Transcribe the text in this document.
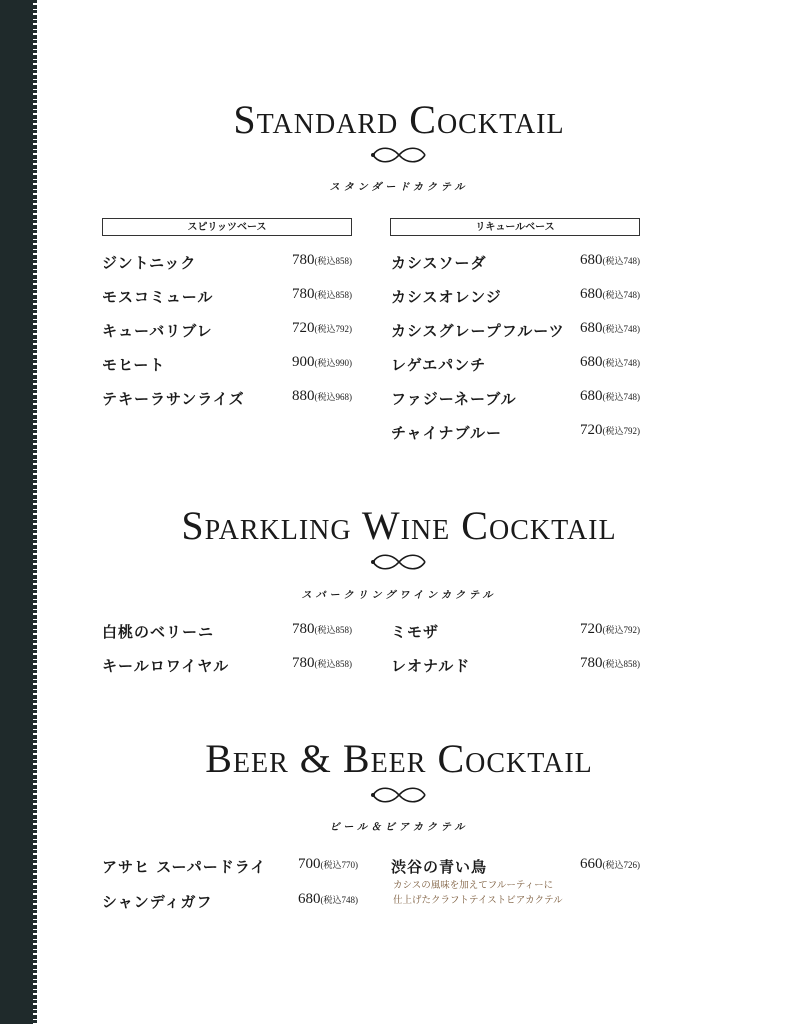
Standard Cocktail
スタンダードカクテル
スピリッツベース	リキュールベース
ジントニック	780(税込858)
モスコミュール	780(税込858)
キューバリブレ	720(税込792)
モヒート	900(税込990)
テキーラサンライズ	880(税込968)
カシスソーダ	680(税込748)
カシスオレンジ	680(税込748)
カシスグレープフルーツ 680(税込748)
レゲエパンチ	680(税込748)
ファジーネーブル	680(税込748)
チャイナブルー	720(税込792)
Sparkling Wine Cocktail
スパークリングワインカクテル
白桃のベリーニ	780(税込858)
キールロワイヤル	780(税込858)
ミモザ	720(税込792)
レオナルド	780(税込858)
Beer & Beer Cocktail
ビール＆ビアカクテル
アサヒ スーパードライ 700(税込770)
シャンディガフ	680(税込748)
渋谷の青い鳥	660(税込726)
カシスの風味を加えてフルーティーに
仕上げたクラフトテイストビアカクテル
